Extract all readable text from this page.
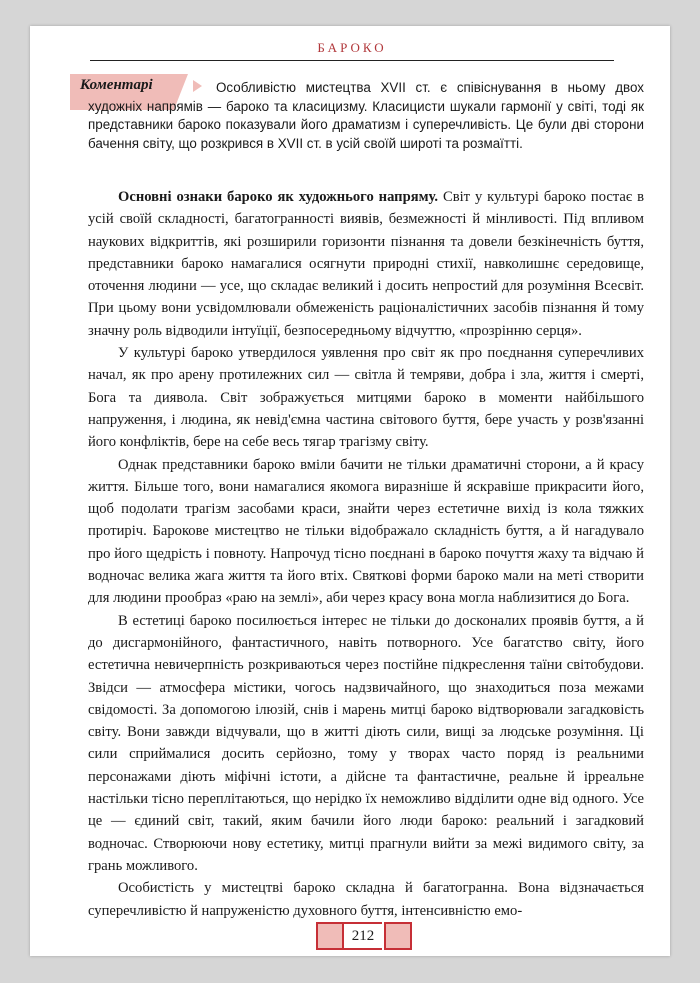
БАРОКО
Коментарі	Особливістю мистецтва XVII ст. є співіснування в ньому двох художніх напрямів — бароко та класицизму. Класицисти шукали гармонії у світі, тоді як представники бароко показували його драматизм і суперечливість. Це були дві сторони бачення світу, що розкрився в XVII ст. в усій своїй широті та розмаїтті.

Основні ознаки бароко як художнього напряму. Світ у культурі бароко постає в усій своїй складності, багатогранності виявів, безмежності й мінливості. Під впливом наукових відкриттів, які розширили горизонти пізнання та довели безкінечність буття, представники бароко намагалися осягнути природні стихії, навколишнє середовище, оточення людини — усе, що складає великий і досить непростий для розуміння Всесвіт. При цьому вони усвідомлювали обмеженість раціоналістичних засобів пізнання й тому значну роль відводили інтуїції, безпосередньому відчуттю, «прозрінню серця».

У культурі бароко утвердилося уявлення про світ як про поєднання суперечливих начал, як про арену протилежних сил — світла й темряви, добра і зла, життя і смерті, Бога та диявола. Світ зображується митцями бароко в моменти найбільшого напруження, і людина, як невід'ємна частина світового буття, бере участь у розв'язанні його конфліктів, бере на себе весь тягар трагізму світу.

Однак представники бароко вміли бачити не тільки драматичні сторони, а й красу життя. Більше того, вони намагалися якомога виразніше й яскравіше прикрасити його, щоб подолати трагізм засобами краси, знайти через естетичне вихід із кола тяжких протиріч. Барокове мистецтво не тільки відображало складність буття, а й нагадувало про його щедрість і повноту. Напрочуд тісно поєднані в бароко почуття жаху та відчаю й водночас велика жага життя та його втіх. Святкові форми бароко мали на меті створити для людини прообраз «раю на землі», аби через красу вона могла наблизитися до Бога.

В естетиці бароко посилюється інтерес не тільки до досконалих проявів буття, а й до дисгармонійного, фантастичного, навіть потворного. Усе багатство світу, його естетична невичерпність розкриваються через постійне підкреслення таїни світобудови. Звідси — атмосфера містики, чогось надзвичайного, що знаходиться поза межами свідомості. За допомогою ілюзій, снів і марень митці бароко відтворювали загадковість світу. Вони завжди відчували, що в житті діють сили, вищі за людське розуміння. Ці сили сприймалися досить серйозно, тому у творах часто поряд із реальними персонажами діють міфічні істоти, а дійсне та фантастичне, реальне й ірреальне настільки тісно переплітаються, що нерідко їх неможливо відділити одне від одного. Усе це — єдиний світ, такий, яким бачили його люди бароко: реальний і загадковий водночас. Створюючи нову естетику, митці прагнули вийти за межі видимого світу, за грань можливого.

Особистість у мистецтві бароко складна й багатогранна. Вона відзначається суперечливістю й напруженістю духовного буття, інтенсивністю емо-

212
